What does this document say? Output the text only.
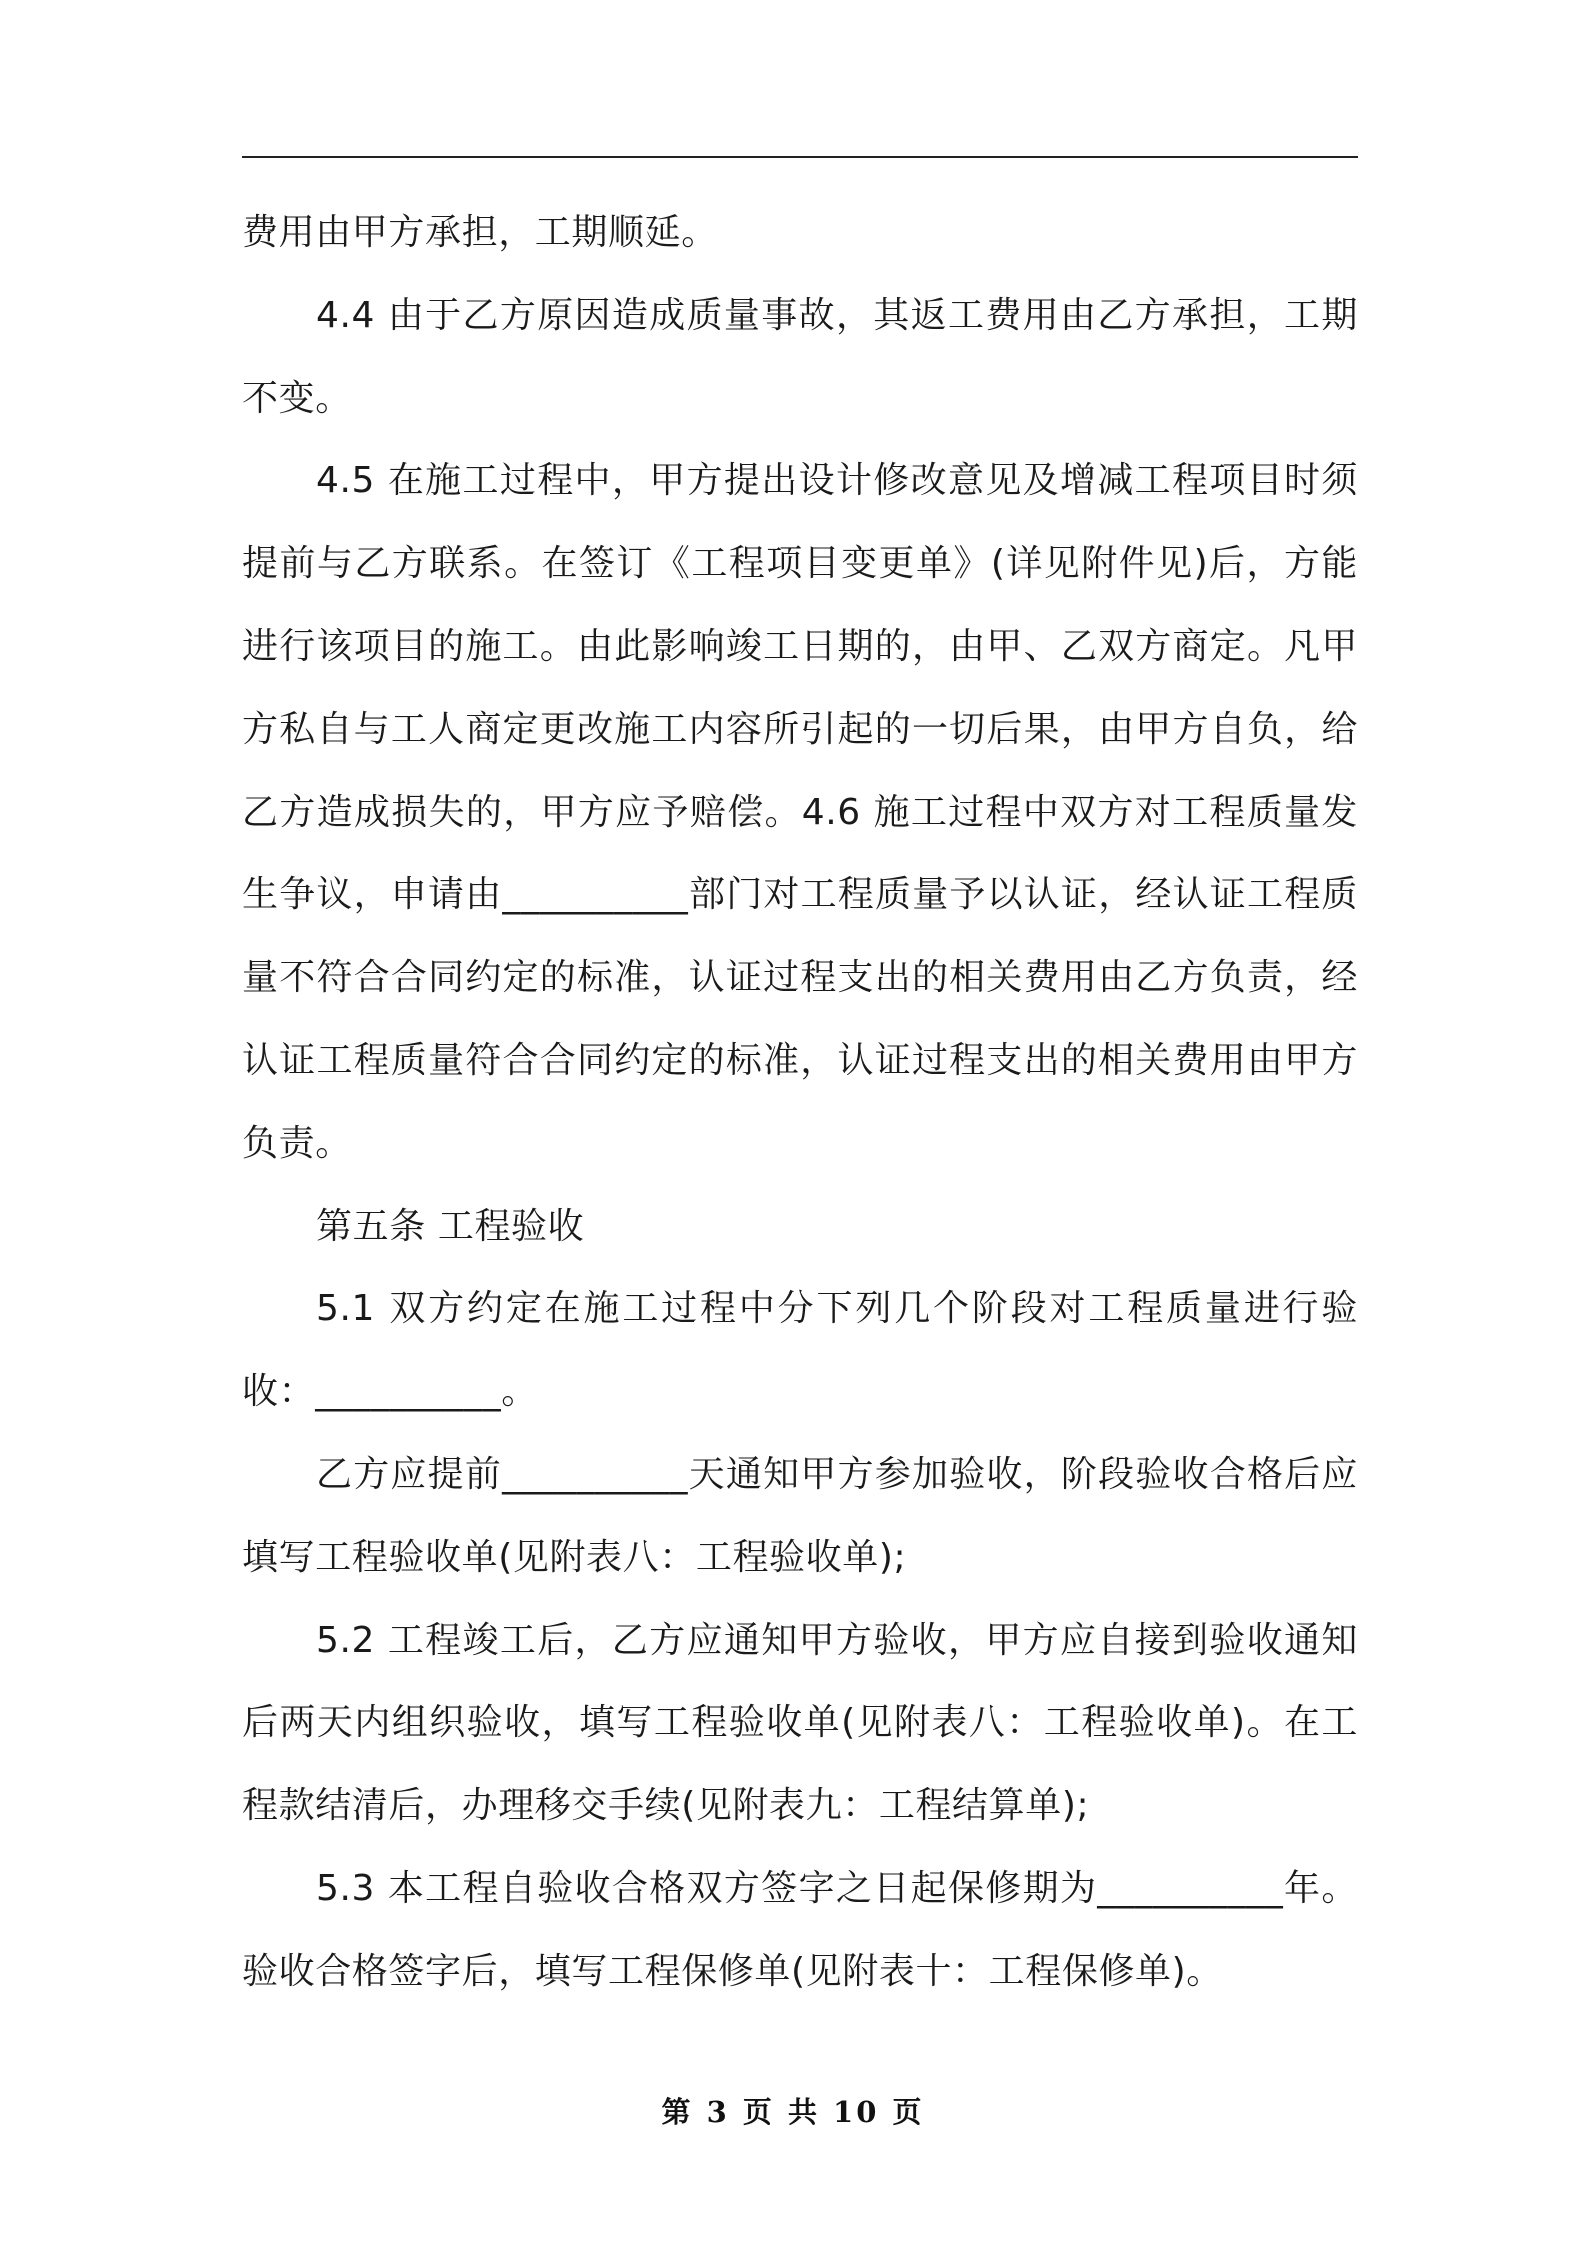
费用由甲方承担，工期顺延。

4.4 由于乙方原因造成质量事故，其返工费用由乙方承担，工期不变。

4.5 在施工过程中，甲方提出设计修改意见及增减工程项目时须提前与乙方联系。在签订《工程项目变更单》(详见附件见)后，方能进行该项目的施工。由此影响竣工日期的，由甲、乙双方商定。凡甲方私自与工人商定更改施工内容所引起的一切后果，由甲方自负，给乙方造成损失的，甲方应予赔偿。4.6 施工过程中双方对工程质量发生争议，申请由__________部门对工程质量予以认证，经认证工程质量不符合合同约定的标准，认证过程支出的相关费用由乙方负责，经认证工程质量符合合同约定的标准，认证过程支出的相关费用由甲方负责。

第五条 工程验收

5.1 双方约定在施工过程中分下列几个阶段对工程质量进行验收：__________。

乙方应提前__________天通知甲方参加验收，阶段验收合格后应填写工程验收单(见附表八：工程验收单);

5.2 工程竣工后，乙方应通知甲方验收，甲方应自接到验收通知后两天内组织验收，填写工程验收单(见附表八：工程验收单)。在工程款结清后，办理移交手续(见附表九：工程结算单);

5.3 本工程自验收合格双方签字之日起保修期为__________年。验收合格签字后，填写工程保修单(见附表十：工程保修单)。

第 3 页 共 10 页
